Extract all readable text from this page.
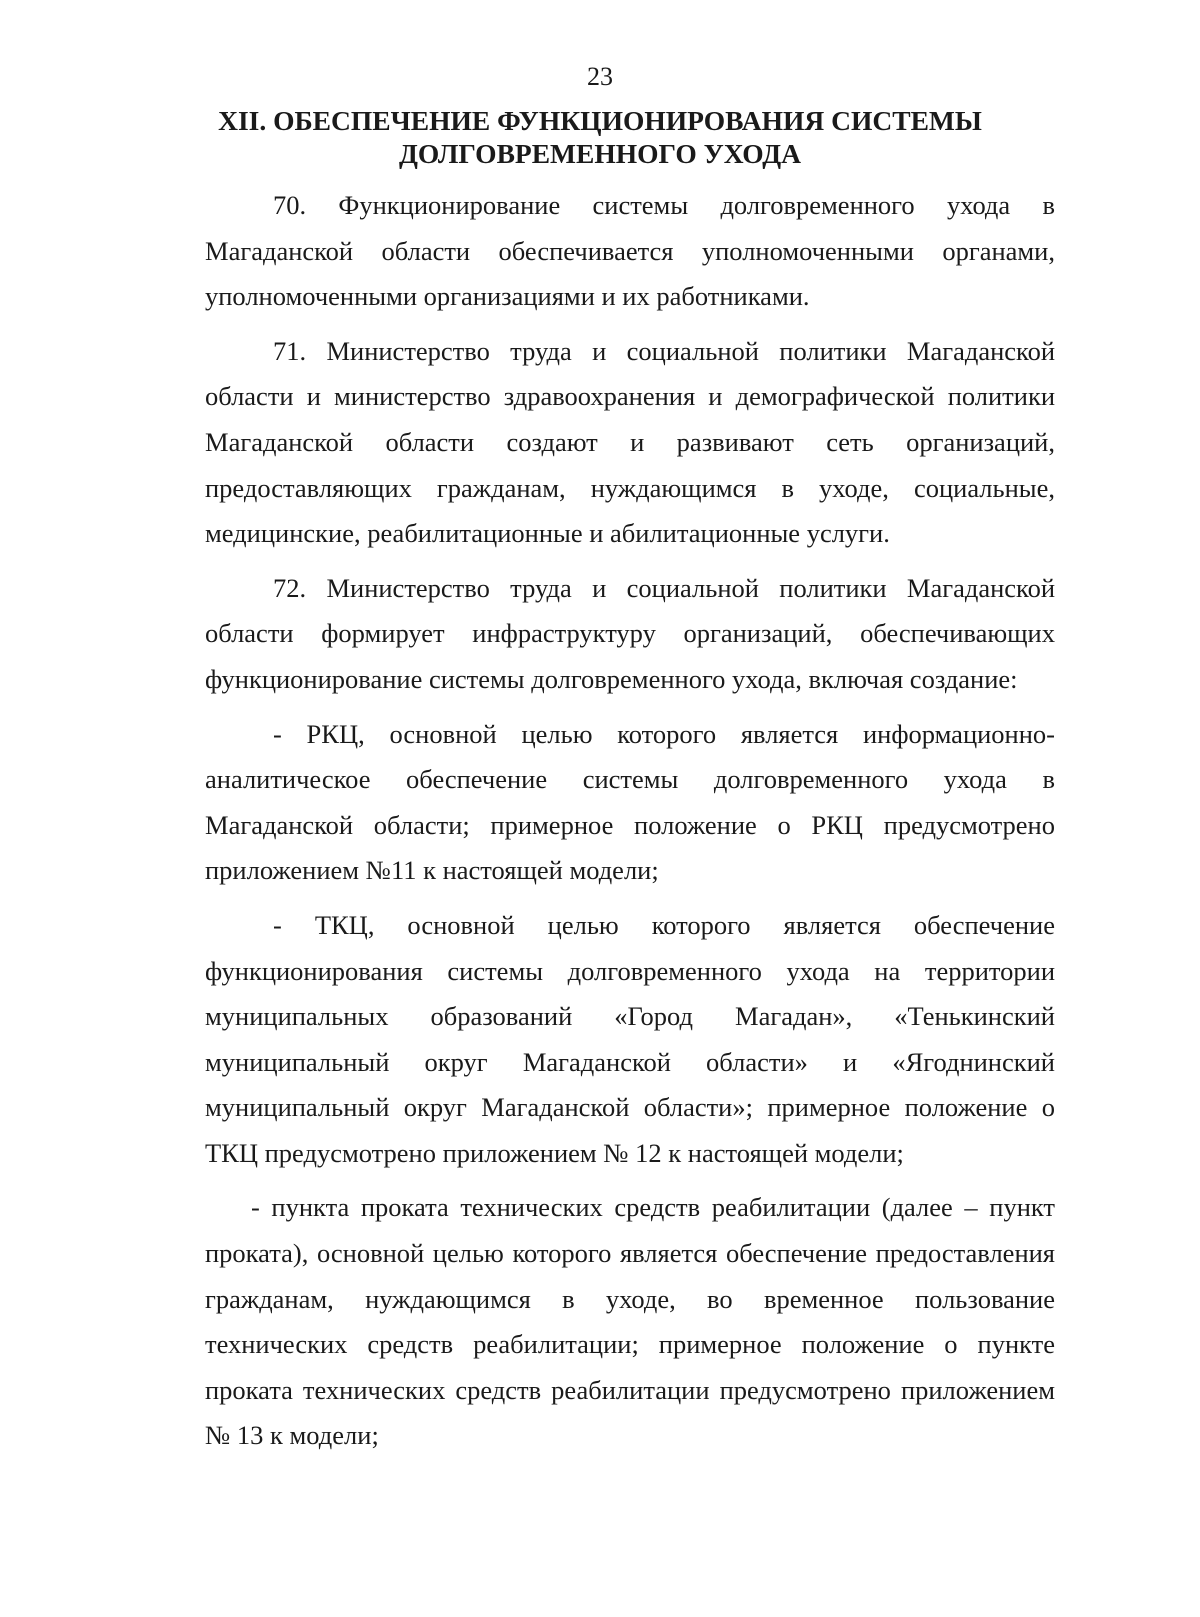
23
XII. ОБЕСПЕЧЕНИЕ ФУНКЦИОНИРОВАНИЯ СИСТЕМЫ
ДОЛГОВРЕМЕННОГО УХОДА

70. Функционирование системы долговременного ухода в Магаданской области обеспечивается уполномоченными органами, уполномоченными организациями и их работниками.

71. Министерство труда и социальной политики Магаданской области и министерство здравоохранения и демографической политики Магаданской области создают и развивают сеть организаций, предоставляющих гражданам, нуждающимся в уходе, социальные, медицинские, реабилитационные и абилитационные услуги.

72. Министерство труда и социальной политики Магаданской области формирует инфраструктуру организаций, обеспечивающих функционирование системы долговременного ухода, включая создание:

- РКЦ, основной целью которого является информационно-аналитическое обеспечение системы долговременного ухода в Магаданской области; примерное положение о РКЦ предусмотрено приложением №11 к настоящей модели;

- ТКЦ, основной целью которого является обеспечение функционирования системы долговременного ухода на территории муниципальных образований «Город Магадан», «Тенькинский муниципальный округ Магаданской области» и «Ягоднинский муниципальный округ Магаданской области»; примерное положение о ТКЦ предусмотрено приложением № 12 к настоящей модели;

- пункта проката технических средств реабилитации (далее – пункт проката), основной целью которого является обеспечение предоставления гражданам, нуждающимся в уходе, во временное пользование технических средств реабилитации; примерное положение о пункте проката технических средств реабилитации предусмотрено приложением № 13 к модели;
